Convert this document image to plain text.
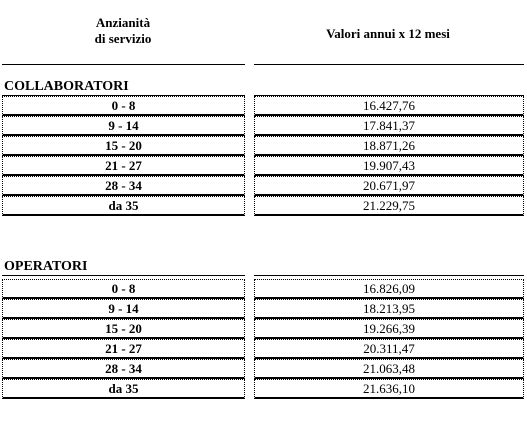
Anzianità
di servizio	Valori annui x 12 mesi
COLLABORATORI
0 - 8	16.427,76
9 - 14	17.841,37
15 - 20	18.871,26
21 - 27	19.907,43
28 - 34	20.671,97
da 35	21.229,75
OPERATORI
0 - 8	16.826,09
9 - 14	18.213,95
15 - 20	19.266,39
21 - 27	20.311,47
28 - 34	21.063,48
da 35	21.636,10
